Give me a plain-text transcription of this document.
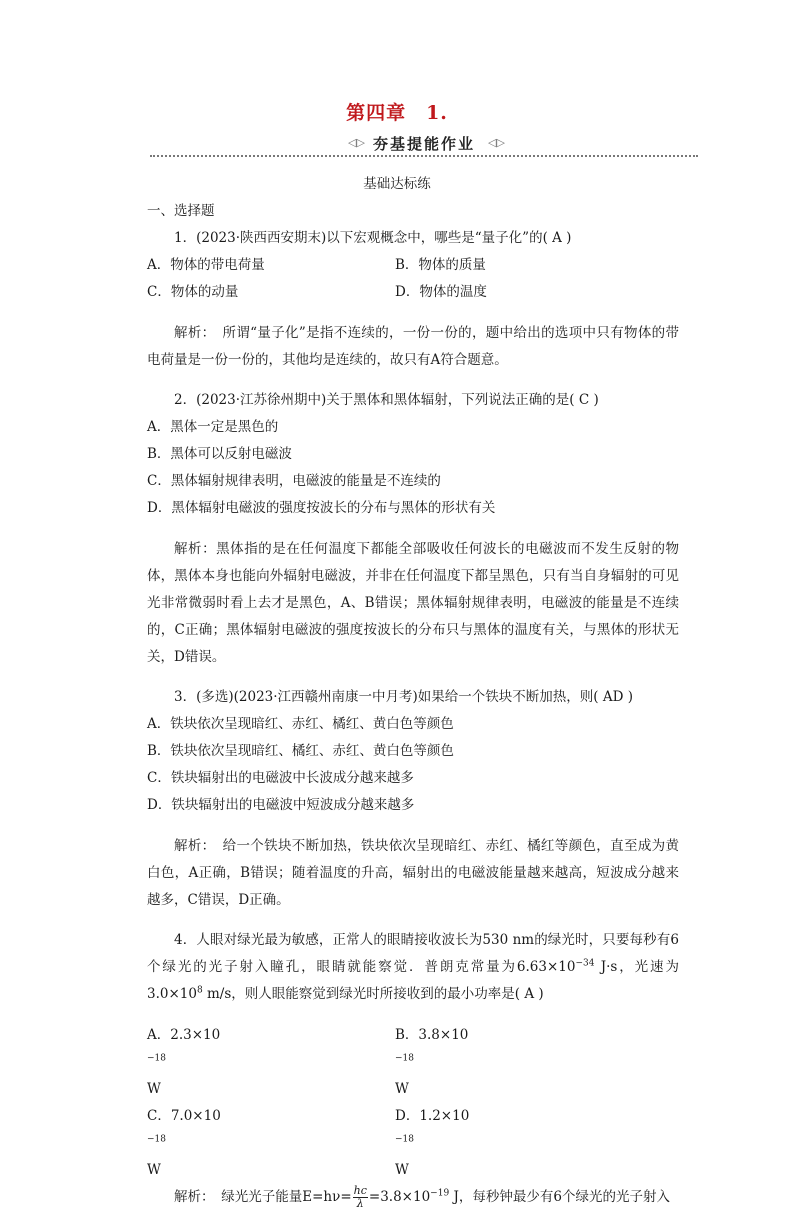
第四章　1.
◁▷ 夯基提能作业	◁▷
基础达标练

一、选择题

1．(2023·陕西西安期末)以下宏观概念中，哪些是“量子化”的( A )

A．物体的带电荷量	B．物体的质量
C．物体的动量	D．物体的温度

解析：　所谓“量子化”是指不连续的，一份一份的，题中给出的选项中只有物体的带电荷量是一份一份的，其他均是连续的，故只有A符合题意。

2．(2023·江苏徐州期中)关于黑体和黑体辐射，下列说法正确的是( C )

A．黑体一定是黑色的

B．黑体可以反射电磁波

C．黑体辐射规律表明，电磁波的能量是不连续的

D．黑体辐射电磁波的强度按波长的分布与黑体的形状有关

解析：黑体指的是在任何温度下都能全部吸收任何波长的电磁波而不发生反射的物体，黑体本身也能向外辐射电磁波，并非在任何温度下都呈黑色，只有当自身辐射的可见光非常微弱时看上去才是黑色，A、B错误；黑体辐射规律表明，电磁波的能量是不连续的，C正确；黑体辐射电磁波的强度按波长的分布只与黑体的温度有关，与黑体的形状无关，D错误。

3．(多选)(2023·江西赣州南康一中月考)如果给一个铁块不断加热，则( AD )

A．铁块依次呈现暗红、赤红、橘红、黄白色等颜色

B．铁块依次呈现暗红、橘红、赤红、黄白色等颜色

C．铁块辐射出的电磁波中长波成分越来越多

D．铁块辐射出的电磁波中短波成分越来越多

解析：　给一个铁块不断加热，铁块依次呈现暗红、赤红、橘红等颜色，直至成为黄白色，A正确，B错误；随着温度的升高，辐射出的电磁波能量越来越高，短波成分越来越多，C错误，D正确。

4．人眼对绿光最为敏感，正常人的眼睛接收波长为530 nm的绿光时，只要每秒有6个绿光的光子射入瞳孔，眼睛就能察觉．普朗克常量为$6.63\times 10^{-34}$ J·s，光速为$3.0\times 10^8$ m/s，则人眼能察觉到绿光时所接收到的最小功率是( A )

A．$2.3\times 10^{-18}W$
B．$3.8\times 10^{-18}W$
C．$7.0\times 10^{-18}W$
D．$1.2\times 10^{-18}W$

解析：　绿光光子能量$E=h\nu= \frac{hc}{\lambda} =3.8\times 10^{-19}$ J，每秒钟最少有6个绿光的光子射入
